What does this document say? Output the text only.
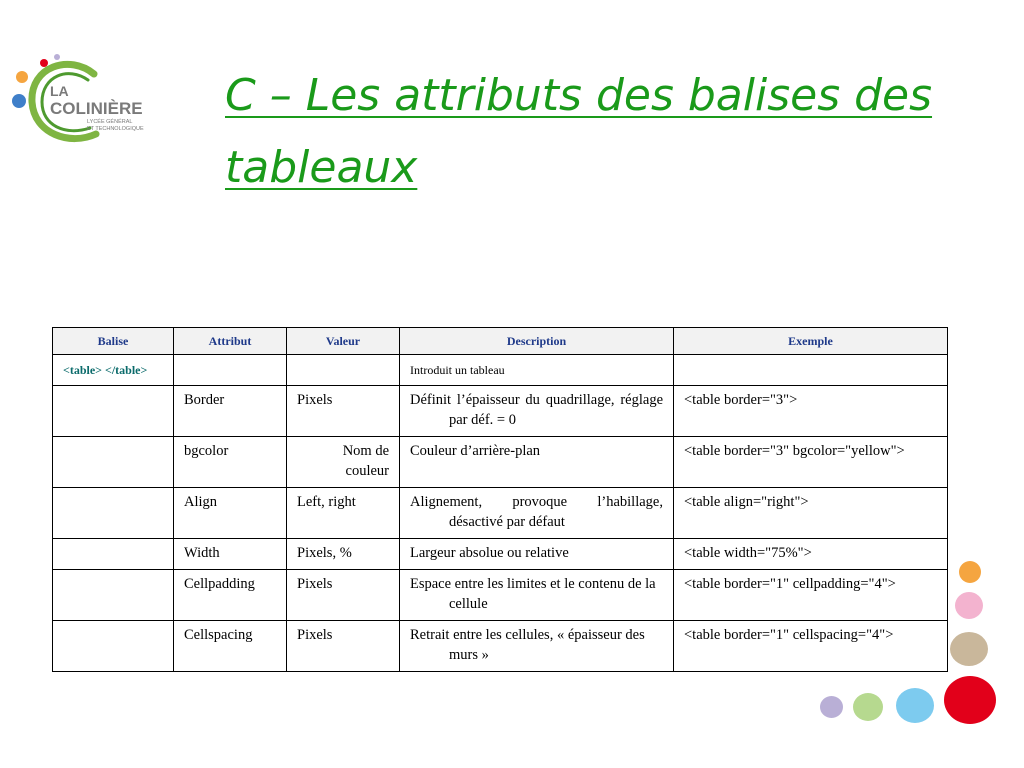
LA
COLINIÈRE
LYCÉE GÉNÉRAL
ET TECHNOLOGIQUE
C – Les attributs des balises des tableaux
Balise	Attribut	Valeur	Description	Exemple
<table> </table>			Introduit un tableau	
	Border	Pixels	Définit l’épaisseur du quadrillage, réglage par déf. = 0	<table border="3">
	bgcolor	Nom de couleur	Couleur d’arrière-plan	<table border="3" bgcolor="yellow">
	Align	Left, right	Alignement, provoque l’habillage, désactivé par défaut	<table align="right">
	Width	Pixels, %	Largeur absolue ou relative	<table width="75%">
	Cellpadding	Pixels	Espace entre les limites et le contenu de la cellule	<table border="1" cellpadding="4">
	Cellspacing	Pixels	Retrait entre les cellules, « épaisseur des murs »	<table border="1" cellspacing="4">
